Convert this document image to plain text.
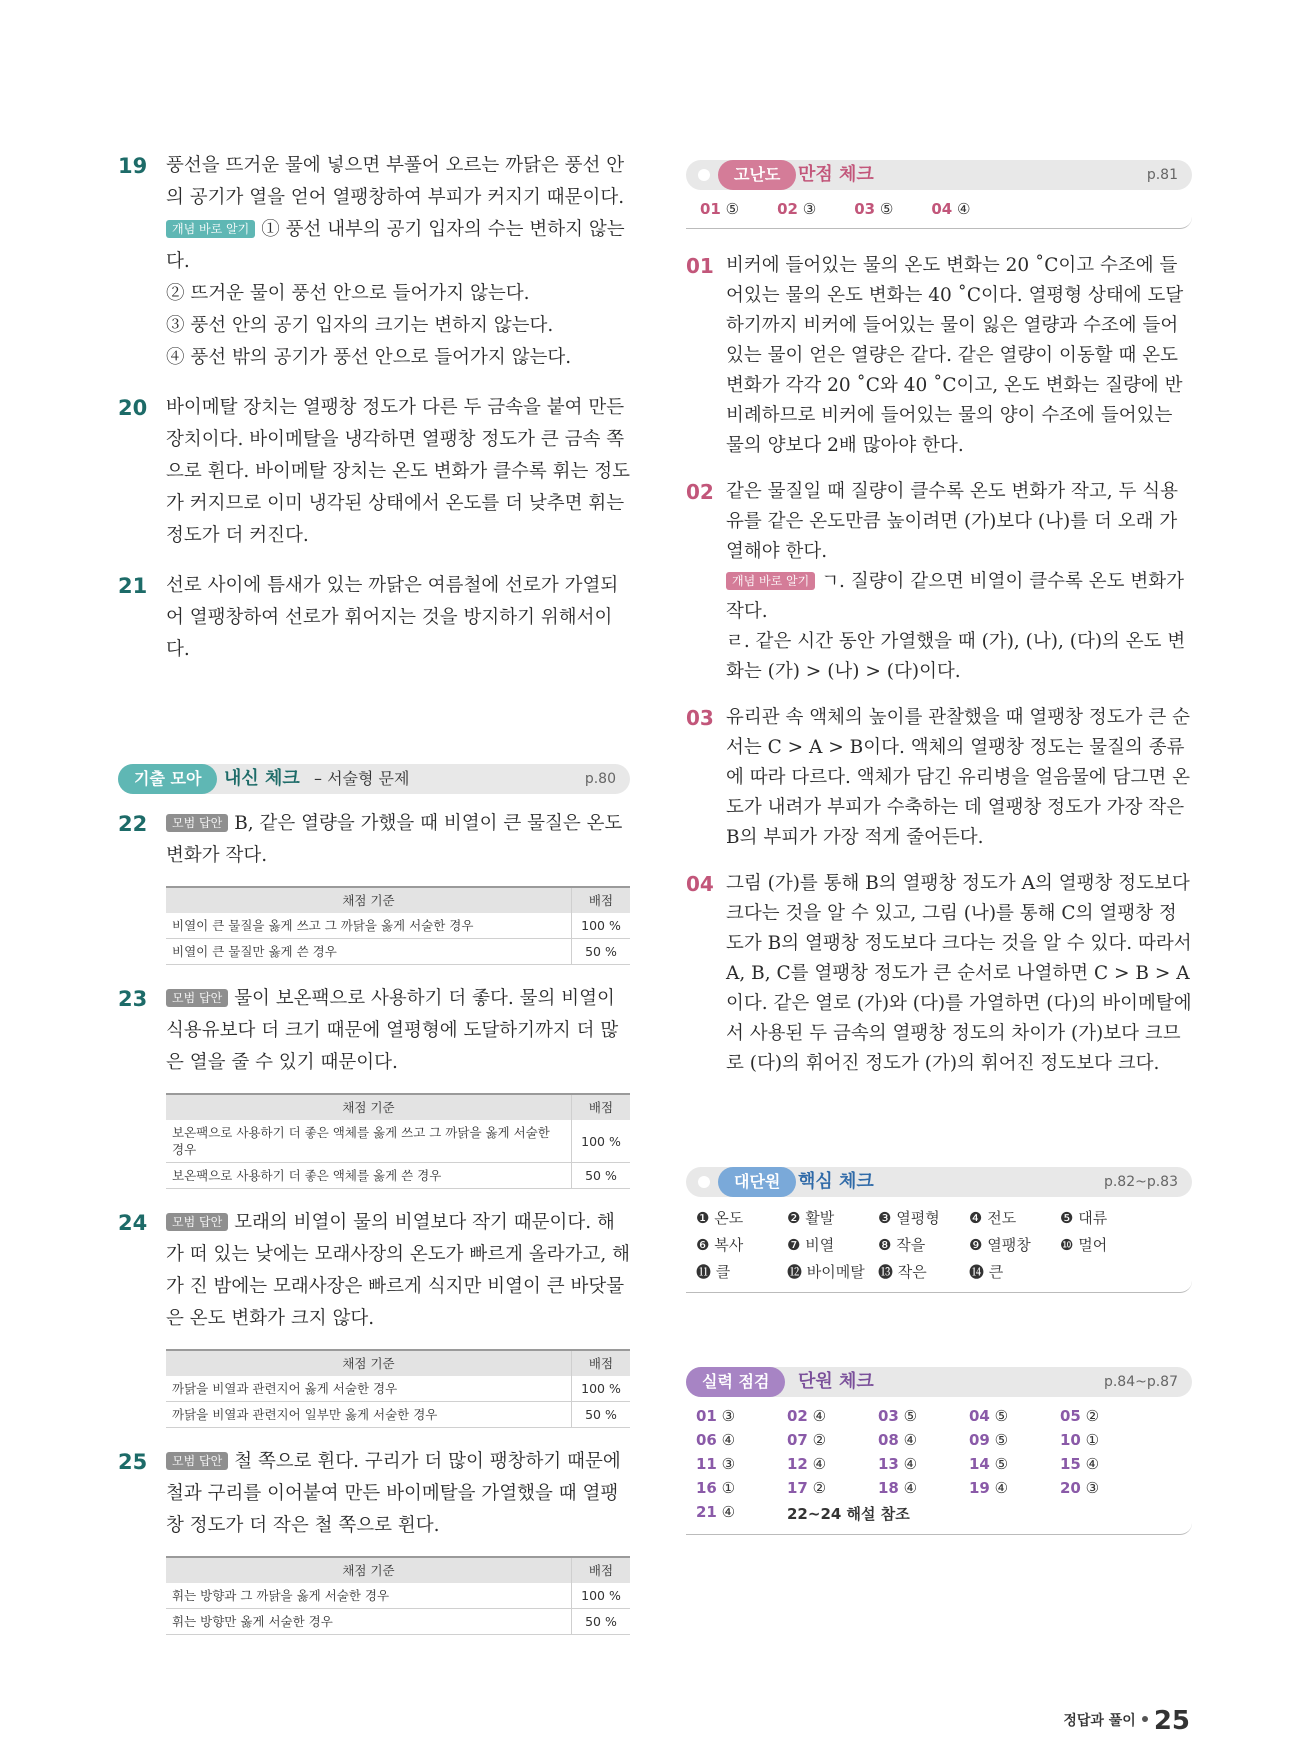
19 풍선을 뜨거운 물에 넣으면 부풀어 오르는 까닭은 풍선 안의 공기가 열을 얻어 열팽창하여 부피가 커지기 때문이다.

개념 바로 알기 ① 풍선 내부의 공기 입자의 수는 변하지 않는다.

② 뜨거운 물이 풍선 안으로 들어가지 않는다.

③ 풍선 안의 공기 입자의 크기는 변하지 않는다.

④ 풍선 밖의 공기가 풍선 안으로 들어가지 않는다.

20 바이메탈 장치는 열팽창 정도가 다른 두 금속을 붙여 만든 장치이다. 바이메탈을 냉각하면 열팽창 정도가 큰 금속 쪽으로 휜다. 바이메탈 장치는 온도 변화가 클수록 휘는 정도가 커지므로 이미 냉각된 상태에서 온도를 더 낮추면 휘는 정도가 더 커진다.

21 선로 사이에 틈새가 있는 까닭은 여름철에 선로가 가열되어 열팽창하여 선로가 휘어지는 것을 방지하기 위해서이다.

기출 모아	내신 체크 – 서술형 문제	p.80
22	모범 답안 B, 같은 열량을 가했을 때 비열이 큰 물질은 온도 변화가 작다.

채점 기준	배점
비열이 큰 물질을 옳게 쓰고 그 까닭을 옳게 서술한 경우	100 %
비열이 큰 물질만 옳게 쓴 경우	50 %
23	모범 답안 물이 보온팩으로 사용하기 더 좋다. 물의 비열이 식용유보다 더 크기 때문에 열평형에 도달하기까지 더 많은 열을 줄 수 있기 때문이다.

채점 기준	배점
보온팩으로 사용하기 더 좋은 액체를 옳게 쓰고 그 까닭을 옳게 서술한 경우	100 %
보온팩으로 사용하기 더 좋은 액체를 옳게 쓴 경우	50 %
24	모범 답안 모래의 비열이 물의 비열보다 작기 때문이다. 해가 떠 있는 낮에는 모래사장의 온도가 빠르게 올라가고, 해가 진 밤에는 모래사장은 빠르게 식지만 비열이 큰 바닷물은 온도 변화가 크지 않다.

채점 기준	배점
까닭을 비열과 관련지어 옳게 서술한 경우	100 %
까닭을 비열과 관련지어 일부만 옳게 서술한 경우	50 %
25	모범 답안 철 쪽으로 휜다. 구리가 더 많이 팽창하기 때문에 철과 구리를 이어붙여 만든 바이메탈을 가열했을 때 열팽창 정도가 더 작은 철 쪽으로 휜다.

채점 기준	배점
휘는 방향과 그 까닭을 옳게 서술한 경우	100 %
휘는 방향만 옳게 서술한 경우	50 %
고난도 만점 체크	p.81
01 ⑤	02 ③	03 ⑤	04 ④
01 비커에 들어있는 물의 온도 변화는 20 ˚C이고 수조에 들어있는 물의 온도 변화는 40 ˚C이다. 열평형 상태에 도달하기까지 비커에 들어있는 물이 잃은 열량과 수조에 들어있는 물이 얻은 열량은 같다. 같은 열량이 이동할 때 온도 변화가 각각 20 ˚C와 40 ˚C이고, 온도 변화는 질량에 반비례하므로 비커에 들어있는 물의 양이 수조에 들어있는 물의 양보다 2배 많아야 한다.

02 같은 물질일 때 질량이 클수록 온도 변화가 작고, 두 식용유를 같은 온도만큼 높이려면 (가)보다 (나)를 더 오래 가열해야 한다.

개념 바로 알기 ㄱ. 질량이 같으면 비열이 클수록 온도 변화가 작다.

ㄹ. 같은 시간 동안 가열했을 때 (가), (나), (다)의 온도 변화는 (가) > (나) > (다)이다.

03 유리관 속 액체의 높이를 관찰했을 때 열팽창 정도가 큰 순서는 C > A > B이다. 액체의 열팽창 정도는 물질의 종류에 따라 다르다. 액체가 담긴 유리병을 얼음물에 담그면 온도가 내려가 부피가 수축하는 데 열팽창 정도가 가장 작은 B의 부피가 가장 적게 줄어든다.

04 그림 (가)를 통해 B의 열팽창 정도가 A의 열팽창 정도보다 크다는 것을 알 수 있고, 그림 (나)를 통해 C의 열팽창 정도가 B의 열팽창 정도보다 크다는 것을 알 수 있다. 따라서 A, B, C를 열팽창 정도가 큰 순서로 나열하면 C > B > A이다. 같은 열로 (가)와 (다)를 가열하면 (다)의 바이메탈에서 사용된 두 금속의 열팽창 정도의 차이가 (가)보다 크므로 (다)의 휘어진 정도가 (가)의 휘어진 정도보다 크다.

대단원 핵심 체크	p.82~p.83
❶ 온도	❷ 활발	❸ 열평형	❹ 전도	❺ 대류
❻ 복사	❼ 비열	❽ 작을	❾ 열팽창	❿ 멀어
⓫ 클	⓬ 바이메탈 ⓭ 작은	⓮ 큰
실력 점검	단원 체크	p.84~p.87
01 ③	02 ④	03 ⑤	04 ⑤	05 ②
06 ④	07 ②	08 ④	09 ⑤	10 ①
11 ③	12 ④	13 ④	14 ⑤	15 ④
16 ①	17 ②	18 ④	19 ④	20 ③
21 ④	22~24 해설 참조
정답과 풀이 25
